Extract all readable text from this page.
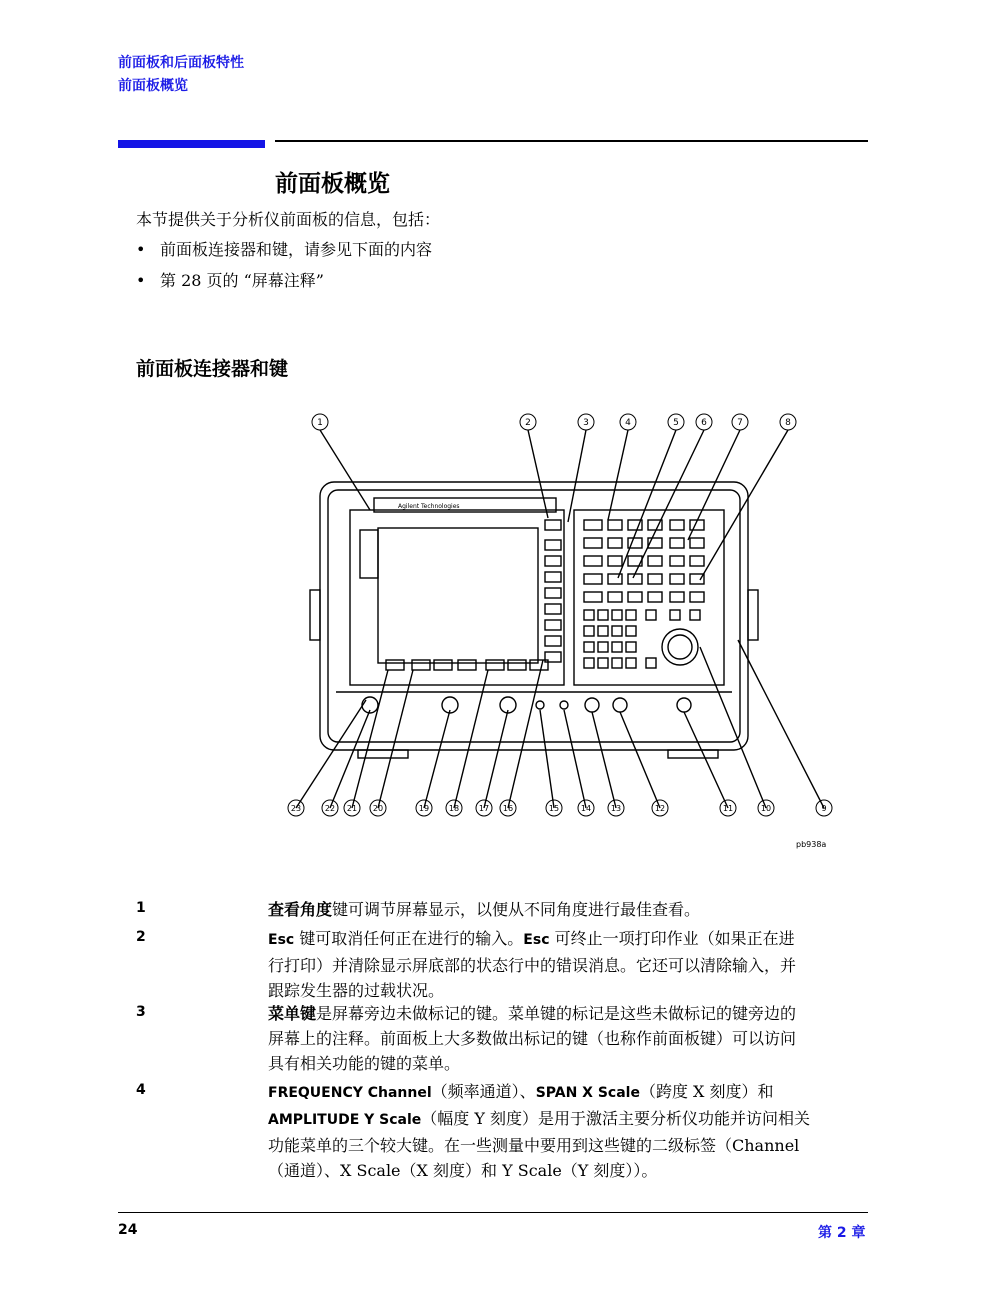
前面板和后面板特性
前面板概览
前面板概览
本节提供关于分析仪前面板的信息，包括：
• 前面板连接器和键，请参见下面的内容
• 第 28 页的 “屏幕注释”
前面板连接器和键
Agilent Technologies
1	2	3	4	5 6	7	8
23	22 21 20	19 18 17 16	15	14 13	12	11	10	9
pb938a
1	查看角度键可调节屏幕显示，以便从不同角度进行最佳查看。
2	Esc 键可取消任何正在进行的输入。Esc 可终止一项打印作业（如果正在进
行打印）并清除显示屏底部的状态行中的错误消息。它还可以清除输入，并
跟踪发生器的过载状况。
3	菜单键是屏幕旁边未做标记的键。菜单键的标记是这些未做标记的键旁边的
屏幕上的注释。前面板上大多数做出标记的键（也称作前面板键）可以访问
具有相关功能的键的菜单。
4	FREQUENCY Channel（频率通道）、SPAN X Scale（跨度 X 刻度）和
AMPLITUDE Y Scale（幅度 Y 刻度）是用于激活主要分析仪功能并访问相关
功能菜单的三个较大键。在一些测量中要用到这些键的二级标签（Channel
（通道）、X Scale（X 刻度）和 Y Scale（Y 刻度））。
24	第 2 章
